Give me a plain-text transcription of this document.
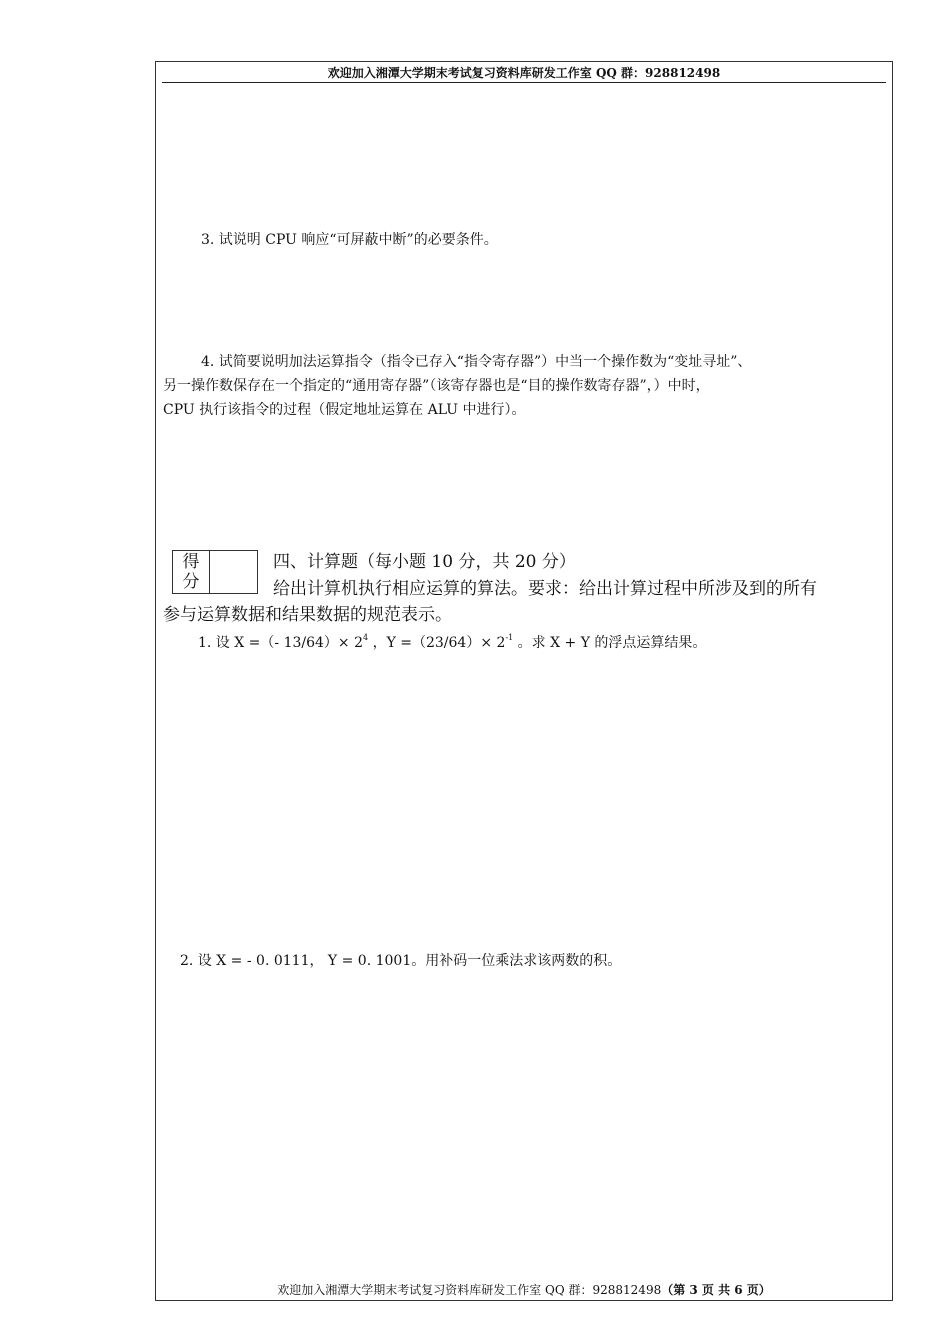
欢迎加入湘潭大学期末考试复习资料库研发工作室 QQ 群：928812498
3. 试说明 CPU 响应“可屏蔽中断”的必要条件。
4. 试简要说明加法运算指令（指令已存入“指令寄存器”）中当一个操作数为“变址寻址”、
另一操作数保存在一个指定的“通用寄存器”（该寄存器也是“目的操作数寄存器”，）中时，
CPU 执行该指令的过程（假定地址运算在 ALU 中进行）。
得 分
四、计算题（每小题 10 分，共 20 分）
给出计算机执行相应运算的算法。要求：给出计算过程中所涉及到的所有
参与运算数据和结果数据的规范表示。
1. 设 X =（- $13/64)\times 2^4$ ，$Y =(23/64)\times 2^{-1}$ 。求 X + Y 的浮点运算结果。
2. 设 X = - 0. 0111， Y = 0. 1001。用补码一位乘法求该两数的积。
欢迎加入湘潭大学期末考试复习资料库研发工作室 QQ 群：928812498（第 3 页 共 6 页）
